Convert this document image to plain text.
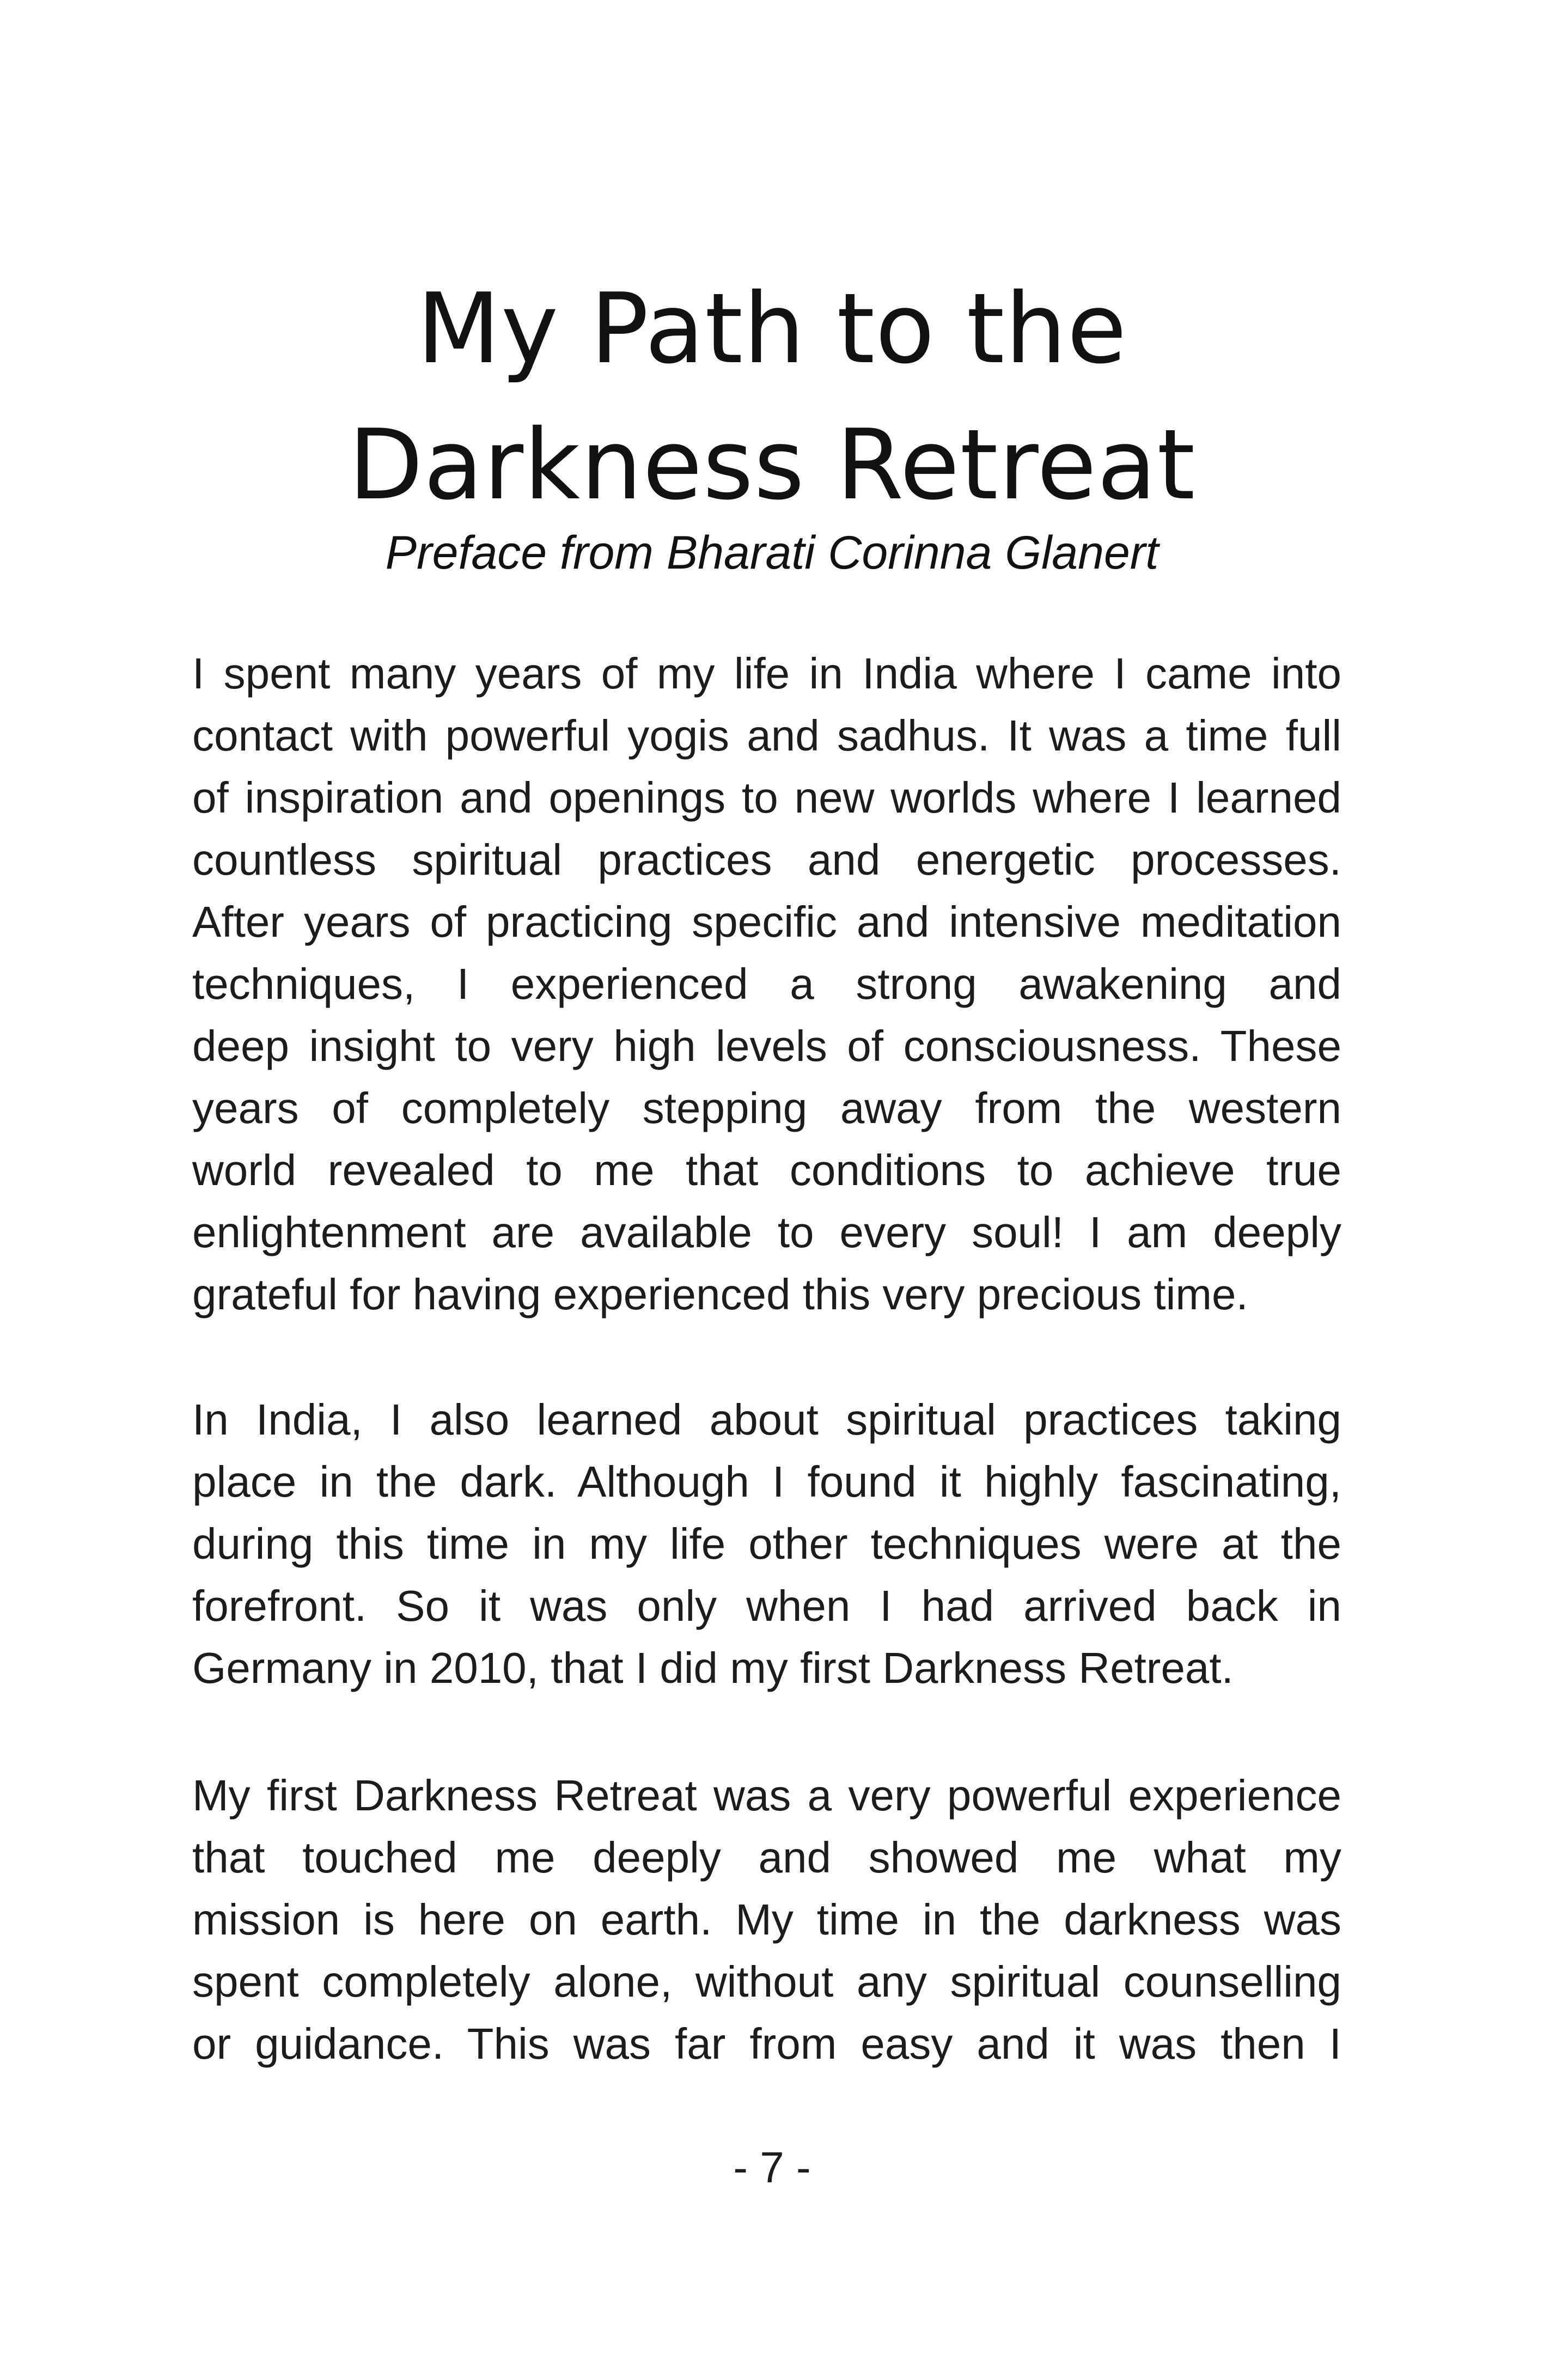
My Path to the
Darkness Retreat
Preface from Bharati Corinna Glanert
I spent many years of my life in India where I came into
contact with powerful yogis and sadhus. It was a time full
of inspiration and openings to new worlds where I learned
countless spiritual practices and energetic processes.
After years of practicing specific and intensive meditation
techniques, I experienced a strong awakening and
deep insight to very high levels of consciousness. These
years of completely stepping away from the western
world revealed to me that conditions to achieve true
enlightenment are available to every soul! I am deeply
grateful for having experienced this very precious time.
In India, I also learned about spiritual practices taking
place in the dark. Although I found it highly fascinating,
during this time in my life other techniques were at the
forefront. So it was only when I had arrived back in
Germany in 2010, that I did my first Darkness Retreat.
My first Darkness Retreat was a very powerful experience
that touched me deeply and showed me what my
mission is here on earth. My time in the darkness was
spent completely alone, without any spiritual counselling
or guidance. This was far from easy and it was then I
- 7 -
